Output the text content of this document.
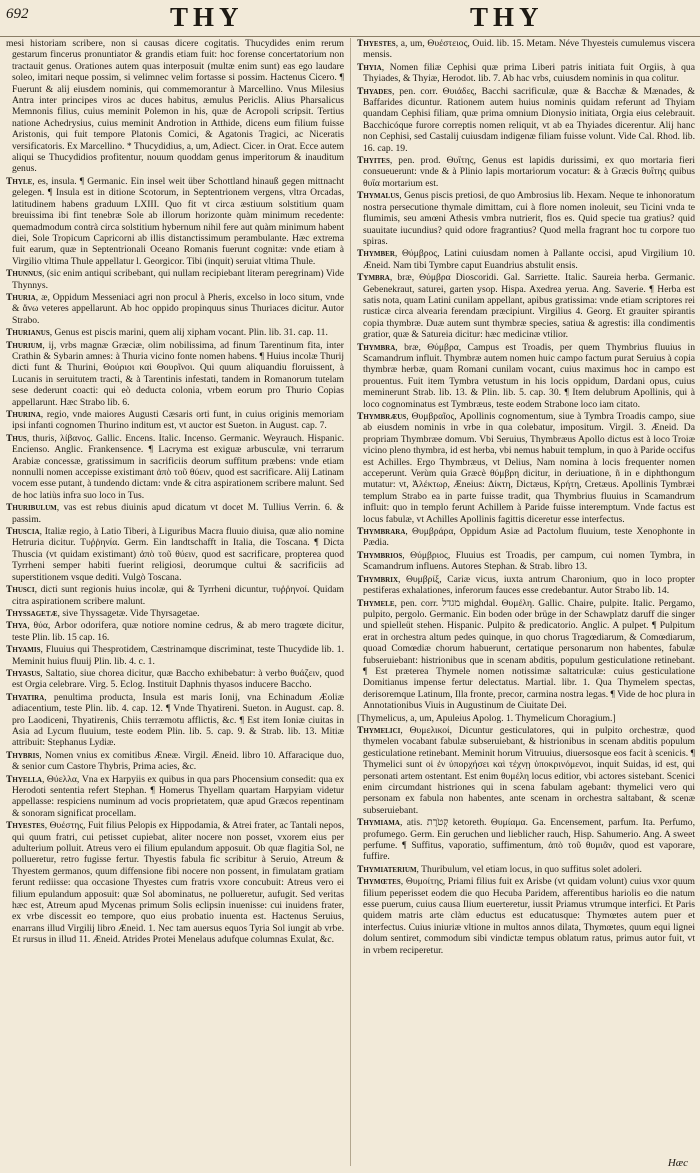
692	THY	THY

mesi historiam scribere, non si causas dicere cogitatis. Thucydides enim rerum gestarum fincerus pronuntiator & grandis etiam fuit: hoc forense concertatorium non tractauit genus. Orationes autem quas interposuit (multæ enim sunt) eas ego laudare soleo, imitari neque possim, si velimnec velim fortasse si possim. Hactenus Cicero. ¶ Fuerunt & alij eiusdem nominis, qui commemorantur à Marcellino. Vnus Milesius Antra inter principes viros ac duces habitus, æmulus Periclis. Alius Pharsalicus Memnonis filius, cuius meminit Polemon in his, quæ de Acropoli scripsit. Tertius natione Achedrysius, cuius meminit Androtion in Atthide, dicens eum filium fuisse Aristonis, qui fuit tempore Platonis Comici, & Agatonis Tragici, ac Niceratis versificatoris. Ex Marcellino. * Thucydidius, a, um, Adiect. Cicer. in Orat. Ecce autem aliqui se Thucydidios profitentur, nouum quoddam genus imperitorum & inauditum genus.

Thyle, es, insula. ¶ Germanic. Ein insel weit über Schottland hinauß gegen mittnacht gelegen. ¶ Insula est in ditione Scotorum, in Septentrionem vergens, vltra Orcadas, latitudinem habens graduum LXIII. Quo fit vt circa æstiuum solstitium quam breuissima ibi fint tenebræ Sole ab illorum horizonte quàm minimum recedente: quemadmodum contrà circa solstitium hybernum nihil fere aut quàm minimum habent diei, Sole Tropicum Capricorni ab illis distanctissimum perambulante. Hæc extrema fuit earum, quæ in Septentrionali Oceano Romanis fuerunt cognitæ: vnde etiam à Virgilio vltima Thule appellatur l. Georgicor. Tibi (inquit) seruiat vltima Thule.

Thunnus, (sic enim antiqui scribebant, qui nullam recipiebant literam peregrinam) Vide Thynnys.

Thuria, æ, Oppidum Messeniaci agri non procul à Pheris, excelso in loco situm, vnde & ἄνω veteres appellarunt. Ab hoc oppido propinquus sinus Thuriaces dicitur. Autor Strabo.

Thurianus, Genus est piscis marini, quem alij xipham vocant. Plin. lib. 31. cap. 11.

Thurium, ij, vrbs magnæ Græciæ, olim nobilissima, ad finum Tarentinum fita, inter Crathin & Sybarin amnes: à Thuria vicino fonte nomen habens. ¶ Huius incolæ Thurij dicti funt & Thurini, Θούριοι καὶ Θουρῖνοι. Qui quum aliquandiu floruissent, à Lucanis in seruitutem tracti, & à Tarentinis infestati, tandem in Romanorum tutelam sese dederunt coacti: qui eò deducta colonia, vrbem eorum pro Thurio Copias appellarunt. Hæc Strabo lib. 6.

Thurina, regio, vnde maiores Augusti Cæsaris orti funt, in cuius originis memoriam ipsi infanti cognomen Thurino inditum est, vt auctor est Sueton. in August. cap. 7.

Thus, thuris, λίβανος. Gallic. Encens. Italic. Incenso. Germanic. Weyrauch. Hispanic. Encienso. Anglic. Frankensence. ¶ Lacryma est exiguæ arbusculæ, vni terrarum Arabiæ concessæ, gratissimum in sacrificiis deorum suffitum præbens: vnde etiam nonnulli nomen accepisse existimant ἀπὸ τοῦ θύειν, quod est sacrificare. Alij Latinam vocem esse putant, à tundendo dictam: vnde & citra aspirationem scribere malunt. Sed de hoc latiùs infra suo loco in Tus.

Thuribulum, vas est rebus diuinis apud dicatum vt docet M. Tullius Verrin. 6. & passim.

Thuscia, Italiæ regio, à Latio Tiberi, à Liguribus Macra fluuio diuisa, quæ alio nomine Hetruria dicitur. Τυῤῥηνία. Germ. Ein landtschafft in Italia, die Toscana. ¶ Dicta Thuscia (vt quidam existimant) ἀπὸ τοῦ θύειν, quod est sacrificare, propterea quod Tyrrheni semper habiti fuerint religiosi, deorumque cultui & sacrificiis ad superstitionem vsque dediti. Vulgò Toscana.

Thusci, dicti sunt regionis huius incolæ, qui & Tyrrheni dicuntur, τυῤῥηνοί. Quidam citra aspirationem scribere malunt.

Thyssagetæ, sive Thyssagetæ. Vide Thyrsagetae.

Thya, θύα, Arbor odorifera, quæ notiore nomine cedrus, & ab mero tragœte dicitur, teste Plin. lib. 15 cap. 16.

Thyamis, Fluuius qui Thesprotidem, Cæstrinamque discriminat, teste Thucydide lib. 1. Meminit huius fluuij Plin. lib. 4. c. 1.

Thyasus, Saltatio, siue chorea dicitur, quæ Baccho exhibebatur: à verbo θυάζειν, quod est Orgia celebrare. Virg. 5. Eclog. Instituit Daphnis thyasos inducere Baccho.

Thyatira, penultima producta, Insula est maris Ionij, vna Echinadum Æoliæ adiacentium, teste Plin. lib. 4. cap. 12. ¶ Vnde Thyatireni. Sueton. in August. cap. 8. pro Laodiceni, Thyatirenis, Chiis terræmotu afflictis, &c. ¶ Est item Ioniæ ciuitas in Asia ad Lycum fluuium, teste eodem Plin. lib. 5. cap. 9. & Strab. lib. 13. Mitiæ attribuit: Stephanus Lydiæ.

Thybris, Nomen vnius ex comitibus Æneæ. Virgil. Æneid. libro 10. Affaracique duo, & senior cum Castore Thybris, Prima acies, &c.

Thyella, Θύελλα, Vna ex Harpyiis ex quibus in qua pars Phocensium consedit: qua ex Herodoti sententia refert Stephan. ¶ Homerus Thyellam quartam Harpyiam videtur appellasse: respiciens numinum ad vocis proprietatem, quæ apud Græcos repentinam & sonoram significat procellam.

Thyestes, Θυέστης, Fuit filius Pelopis ex Hippodamia, & Atrei frater, ac Tantali nepos, qui quum fratri, cui petisset cupiebat, aliter nocere non posset, vxorem eius per adulterium polluit. Atreus vero ei filium epulandum apposuit. Ob quæ flagitia Sol, ne pollueretur, retro fugisse fertur. Thyestis fabula fic scribitur à Seruio, Atreum & Thyestem germanos, quum diffensione fibi nocere non possent, in fimulatam gratiam ferunt rediisse: qua occasione Thyestes cum fratris vxore concubuit: Atreus vero ei filium epulandum apposuit: quæ Sol abominatus, ne pollueretur, aufugit. Sed veritas hæc est, Atreum apud Mycenas primum Solis eclipsin inuenisse: cui inuidens frater, ex vrbe discessit eo tempore, quo eius probatio inuenta est. Hactenus Seruius, enarrans illud Virgilij libro Æneid. 1. Nec tam auersus equos Tyria Sol iungit ab vrbe. Et rursus in illud 11. Æneid. Atrides Protei Menelaus adufque columnas Exulat, &c.

Thyestes, a, um, Θυέστειος, Ouid. lib. 15. Metam. Néve Thyesteis cumulemus viscera mensis.

Thyia, Nomen filiæ Cephisi quæ prima Liberi patris initiata fuit Orgiis, à qua Thyiades, & Thyiæ, Herodot. lib. 7. Ab hac vrbs, cuiusdem nominis in qua colitur.

Thyades, pen. corr. Θυιάδες, Bacchi sacrificulæ, quæ & Bacchæ & Mænades, & Baffarides dicuntur. Rationem autem huius nominis quidam referunt ad Thyiam quandam Cephisi filiam, quæ prima omnium Dionysio initiata, Orgia eius celebrauit. Bacchicóque furore correptis nomen reliquit, vt ab ea Thyiades dicerentur. Alij hanc non Cephisi, sed Castalij cuiusdam indigenæ filiam fuisse volunt. Vide Cal. Rhod. lib. 16. cap. 19.

Thyites, pen. prod. Θυΐτης, Genus est lapidis durissimi, ex quo mortaria fieri consueuerunt: vnde & à Plinio lapis mortariorum vocatur: & à Græcis θυΐτης quibus θυΐα mortarium est.

Thymalus, Genus piscis pretiosi, de quo Ambrosius lib. Hexam. Neque te inhonoratum nostra persecutione thymale dimittam, cui à flore nomen inoleuit, seu Ticini vnda te flumimis, seu amœni Athesis vmbra nutrierit, flos es. Quid specie tua gratius? quid suauitate iucundius? quid odore fragrantius? Quod mella fragrant hoc tu corpore tuo spiras.

Thymber, Θύμβρος, Latini cuiusdam nomen à Pallante occisi, apud Virgilium 10. Æneid. Nam tibi Tymbre caput Euandrius abstulit ensis.

Tymbra, bræ, Θύμβρα Dioscoridi. Gal. Sarriette. Italic. Saureia herba. Germanic. Gebenekraut, saturei, garten ysop. Hispa. Axedrea yerua. Ang. Saverie. ¶ Herba est satis nota, quam Latini cunilam appellant, apibus gratissima: vnde etiam scriptores rei rusticæ circa alvearia ferendam præcipiunt. Virgilius 4. Georg. Et grauiter spirantis copia thymbræ. Duæ autem sunt thymbræ species, satiua & agrestis: illa condimentis gratior, quæ & Satureia dicitur: hæc medicinæ vtilior.

Thymbra, bræ, Θύμβρα, Campus est Troadis, per quem Thymbrius fluuius in Scamandrum influit. Thymbræ autem nomen huic campo factum purat Seruius à copia thymbræ herbæ, quam Romani cunilam vocant, cuius maximus hoc in campo est prouentus. Fuit item Tymbra vetustum in his locis oppidum, Dardani opus, cuius meminerunt Strab. lib. 13. & Plin. lib. 5. cap. 30. ¶ Item delubrum Apollinis, qui à loco cognominatus est Tymbræus, teste eodem Strabone loco iam citato.

Thymbræus, Θυμβραῖος, Apollinis cognomentum, siue à Tymbra Troadis campo, siue ab eiusdem nominis in vrbe in qua colebatur, impositum. Virgil. 3. Æneid. Da propriam Thymbræe domum. Vbi Seruius, Thymbræus Apollo dictus est à loco Troiæ vicino pleno thymbra, id est herba, vbi nemus habuit templum, in quo à Paride occifus est Achilles. Ergo Thymbræus, vt Delius, Nam nomina à locis frequenter nomen acceperunt. Verùm quia Græcè θύμβρη dicitur, in deriuatione, ñ in e diphthongum mutatur: vt, Ἀλέκτωρ, Æneius: Δίκτη, Dictæus, Κρήτη, Cretæus. Apollinis Tymbræi templum Strabo ea in parte fuisse tradit, qua Thymbrius fluuius in Scamandrum influit: quo in templo ferunt Achillem à Paride fuisse interemptum. Vnde factus est locus fabulæ, vt Achilles Apollinis fagittis diceretur esse interfectus.

Thymbrara, Θυμβράρα, Oppidum Asiæ ad Pactolum fluuium, teste Xenophonte in Pædia.

Thymbrios, Θύμβριος, Fluuius est Troadis, per campum, cui nomen Tymbra, in Scamandrum influens. Autores Stephan. & Strab. libro 13.

Thymbrix, Θυμβρίξ, Cariæ vicus, iuxta antrum Charonium, quo in loco propter pestiferas exhalationes, inferorum fauces esse credebantur. Autor Strabo lib. 14.

Thymele, pen. corr. מגדל mighdal. Θυμέλη. Gallic. Chaire, pulpite. Italic. Pergamo, pulpito, pergolo. Germanic. Ein boden oder brüge in der Schawplatz daruff die singer und spielleüt stehen. Hispanic. Pulpito & predicatorio. Anglic. A pulpet. ¶ Pulpitum erat in orchestra altum pedes quinque, in quo chorus Tragœdiarum, & Comœdiarum, quoad Comœdiæ chorum habuerunt, certatique personarum non habentes, fabulæ fubseruiebant: histrionibus que in scenam abditis, populum gesticulatione retinebant. ¶ Est præterea Thymele nomen notissimæ saltatriculæ: cuius gesticulatione Domitianus impense fertur delectatus. Martial. libr. 1. Qua Thymelem spectas, derisoremque Latinum, Illa fronte, precor, carmina nostra legas. ¶ Vide de hoc plura in Annotationibus Viuis in Augustinum de Ciuitate Dei.

[Thymelicus, a, um, Apuleius Apolog. 1. Thymelicum Choragium.]

Thymelici, Θυμελικοί, Dicuntur gesticulatores, qui in pulpito orchestræ, quod thymelen vocabant fabulæ subseruiebant, & histrionibus in scenam abditis populum gesticulatione retinebant. Meminit horum Vitruuius, diuersosque eos facit à scenicis. ¶ Thymelici sunt οἱ ἐν ὑπορχήσει καὶ τέχνῃ ὑποκρινόμενοι, inquit Suidas, id est, qui personati artem ostentant. Est enim θυμέλη locus editior, vbi actores sistebant. Scenici enim circumdant histriones qui in scena fabulam agebant: thymelici vero qui personam ex fabula non habentes, ante scenam in orchestra saltabant, & scenæ subseruiebant.

Thymiama, atis. קְטֹרֶת ketoreth. Θυμίαμα. Ga. Encensement, parfum. Ita. Perfumo, profumego. Germ. Ein geruchen und lieblicher rauch, Hisp. Sahumerio. Ang. A sweet perfume. ¶ Suffitus, vaporatio, suffimentum, ἀπὸ τοῦ θυμιᾶν, quod est vaporare, fuffire.

Thymiaterium, Thuribulum, vel etiam locus, in quo suffitus solet adoleri.

Thymœtes, Θυμοίτης, Priami filius fuit ex Arisbe (vt quidam volunt) cuius vxor quum filium peperisset eodem die quo Hecuba Paridem, afferentibus hariolis eo die natum esse puerum, cuius causa Ilium euerteretur, iussit Priamus vtrumque interfici. Et Paris quidem matris arte clàm eductus est educatusque: Thymœtes autem puer et interfectus. Cuius iniuriæ vltione in multos annos dilata, Thymœtes, quum equi lignei dolum sentiret, commodum sibi vindictæ tempus oblatum ratus, primus autor fuit, vt in vrbem reciperetur.

Hæc
